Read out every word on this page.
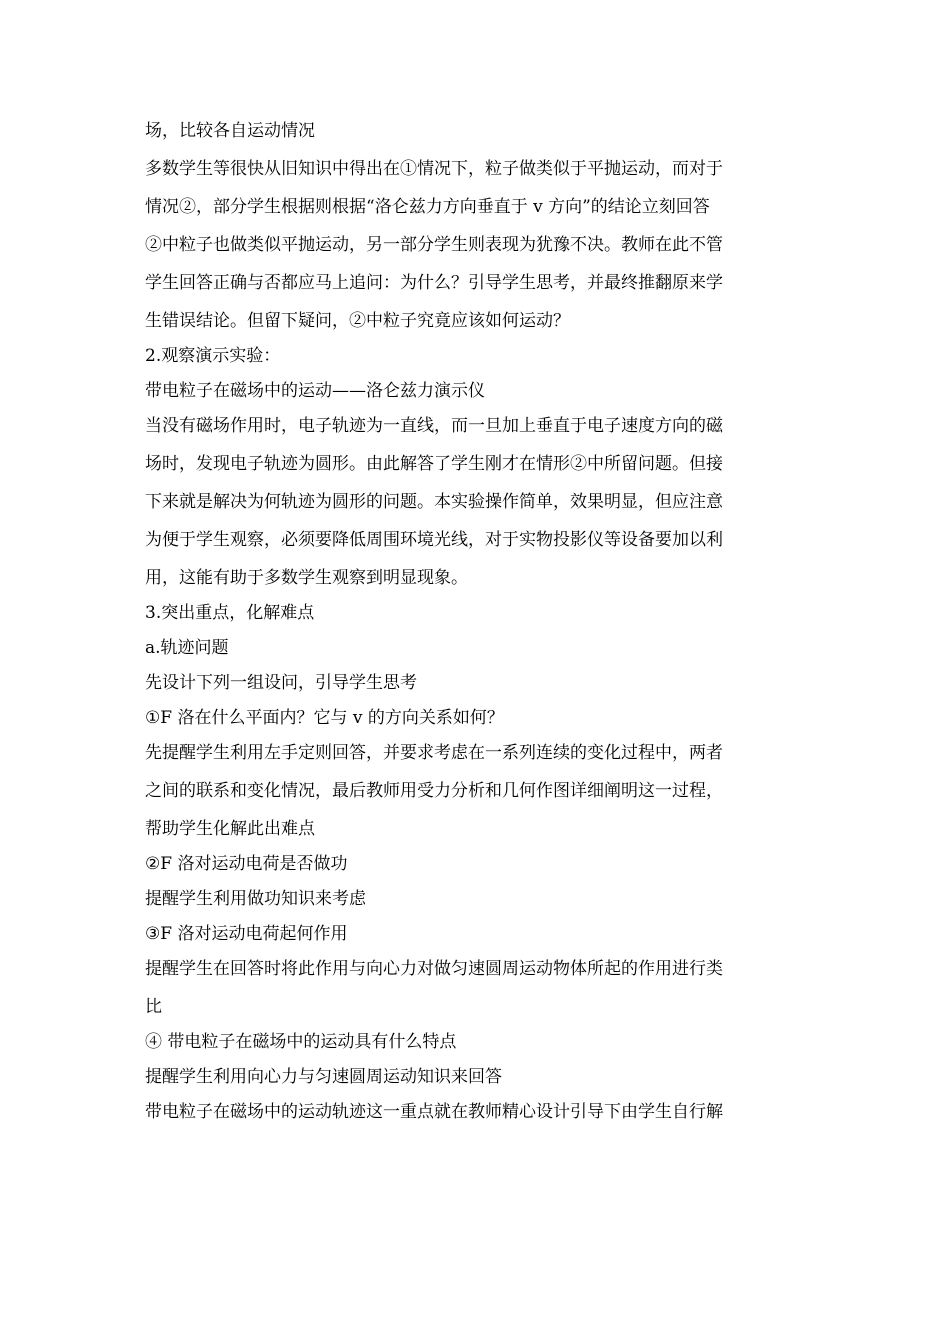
场，比较各自运动情况
多数学生等很快从旧知识中得出在①情况下，粒子做类似于平抛运动，而对于
情况②，部分学生根据则根据“洛仑兹力方向垂直于 v 方向”的结论立刻回答
②中粒子也做类似平抛运动，另一部分学生则表现为犹豫不决。教师在此不管
学生回答正确与否都应马上追问：为什么？引导学生思考，并最终推翻原来学
生错误结论。但留下疑问，②中粒子究竟应该如何运动？
2.观察演示实验：
带电粒子在磁场中的运动——洛仑兹力演示仪
当没有磁场作用时，电子轨迹为一直线，而一旦加上垂直于电子速度方向的磁
场时，发现电子轨迹为圆形。由此解答了学生刚才在情形②中所留问题。但接
下来就是解决为何轨迹为圆形的问题。本实验操作简单，效果明显，但应注意
为便于学生观察，必须要降低周围环境光线，对于实物投影仪等设备要加以利
用，这能有助于多数学生观察到明显现象。
3.突出重点，化解难点
a.轨迹问题
先设计下列一组设问，引导学生思考
①F 洛在什么平面内？它与 v 的方向关系如何？
先提醒学生利用左手定则回答，并要求考虑在一系列连续的变化过程中，两者
之间的联系和变化情况，最后教师用受力分析和几何作图详细阐明这一过程，
帮助学生化解此出难点
②F 洛对运动电荷是否做功
提醒学生利用做功知识来考虑
③F 洛对运动电荷起何作用
提醒学生在回答时将此作用与向心力对做匀速圆周运动物体所起的作用进行类
比
④ 带电粒子在磁场中的运动具有什么特点
提醒学生利用向心力与匀速圆周运动知识来回答
带电粒子在磁场中的运动轨迹这一重点就在教师精心设计引导下由学生自行解
